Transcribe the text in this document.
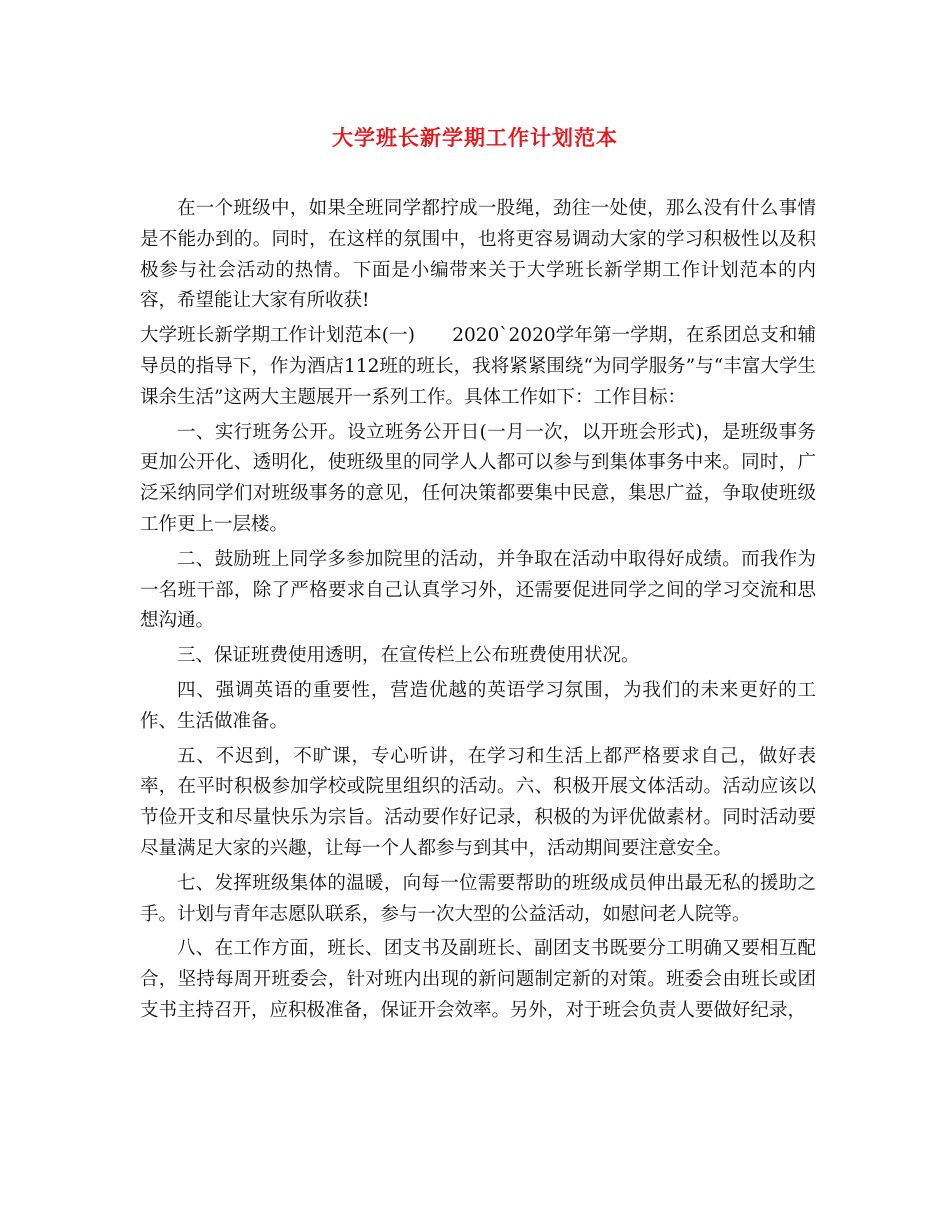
大学班长新学期工作计划范本

在一个班级中，如果全班同学都拧成一股绳，劲往一处使，那么没有什么事情是不能办到的。同时，在这样的氛围中，也将更容易调动大家的学习积极性以及积极参与社会活动的热情。下面是小编带来关于大学班长新学期工作计划范本的内容，希望能让大家有所收获!

大学班长新学期工作计划范本(一)　　2020`2020学年第一学期，在系团总支和辅导员的指导下，作为酒店112班的班长，我将紧紧围绕“为同学服务”与“丰富大学生课余生活”这两大主题展开一系列工作。具体工作如下：工作目标：

一、实行班务公开。设立班务公开日(一月一次，以开班会形式)，是班级事务更加公开化、透明化，使班级里的同学人人都可以参与到集体事务中来。同时，广泛采纳同学们对班级事务的意见，任何决策都要集中民意，集思广益，争取使班级工作更上一层楼。

二、鼓励班上同学多参加院里的活动，并争取在活动中取得好成绩。而我作为一名班干部，除了严格要求自己认真学习外，还需要促进同学之间的学习交流和思想沟通。

三、保证班费使用透明，在宣传栏上公布班费使用状况。

四、强调英语的重要性，营造优越的英语学习氛围，为我们的未来更好的工作、生活做准备。

五、不迟到，不旷课，专心听讲，在学习和生活上都严格要求自己，做好表率，在平时积极参加学校或院里组织的活动。六、积极开展文体活动。活动应该以节俭开支和尽量快乐为宗旨。活动要作好记录，积极的为评优做素材。同时活动要尽量满足大家的兴趣，让每一个人都参与到其中，活动期间要注意安全。

七、发挥班级集体的温暖，向每一位需要帮助的班级成员伸出最无私的援助之手。计划与青年志愿队联系，参与一次大型的公益活动，如慰问老人院等。

八、在工作方面，班长、团支书及副班长、副团支书既要分工明确又要相互配合，坚持每周开班委会，针对班内出现的新问题制定新的对策。班委会由班长或团支书主持召开，应积极准备，保证开会效率。另外，对于班会负责人要做好纪录，
